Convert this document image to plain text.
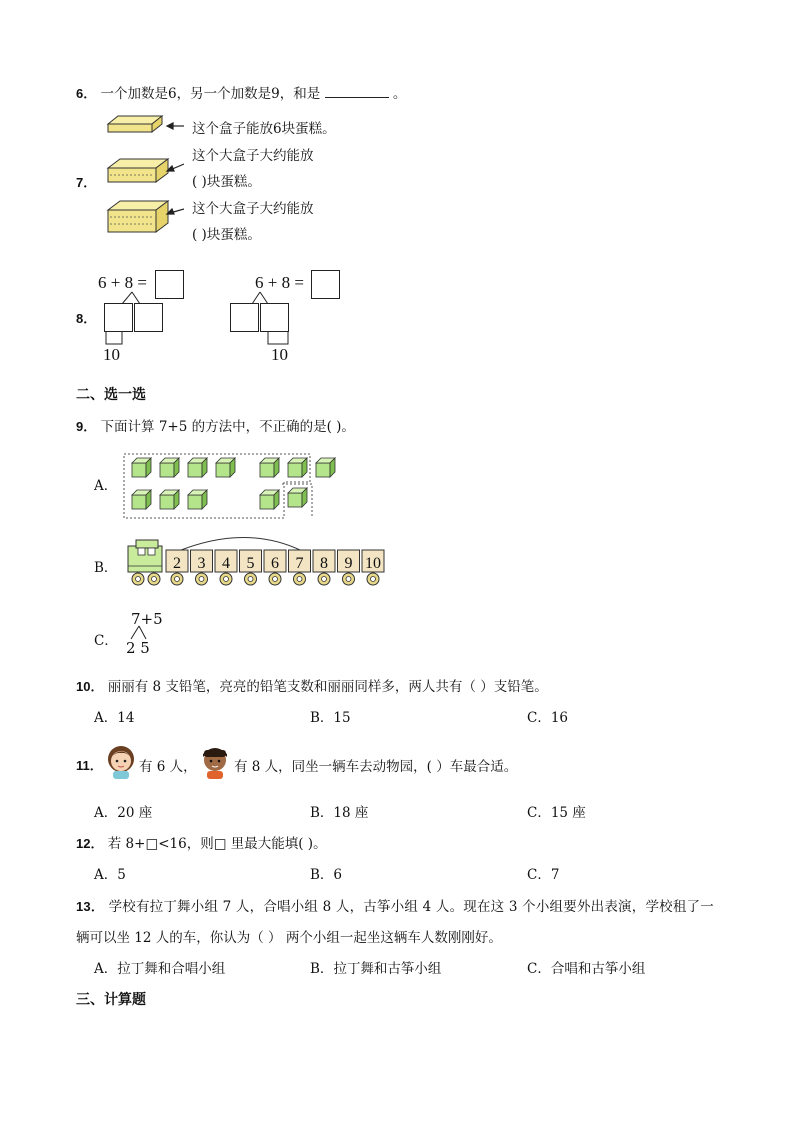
6． 一个加数是6，另一个加数是9，和是	。
7．
这个盒子能放6块蛋糕。
这个大盒子大约能放
( )块蛋糕。
这个大盒子大约能放
( )块蛋糕。
8．
6 + 8 =
10
6 + 8 =
10
二、选一选
9． 下面计算 7+5 的方法中，不正确的是( )。
A．
B．	2 3 4 5 6 7 8 9 10
C．
7+5
2 5
10． 丽丽有 8 支铅笔，亮亮的铅笔支数和丽丽同样多，两人共有（ ）支铅笔。
A．14	B．15	C．16
11．	有 6 人，	有 8 人，同坐一辆车去动物园，( ）车最合适。
A．20 座	B．18 座	C．15 座
12． 若 8+□<16，则□ 里最大能填( )。
A．5	B．6	C．7
13． 学校有拉丁舞小组 7 人，合唱小组 8 人，古筝小组 4 人。现在这 3 个小组要外出表演，学校租了一
辆可以坐 12 人的车，你认为（ ） 两个小组一起坐这辆车人数刚刚好。
A．拉丁舞和合唱小组	B．拉丁舞和古筝小组	C．合唱和古筝小组
三、计算题
